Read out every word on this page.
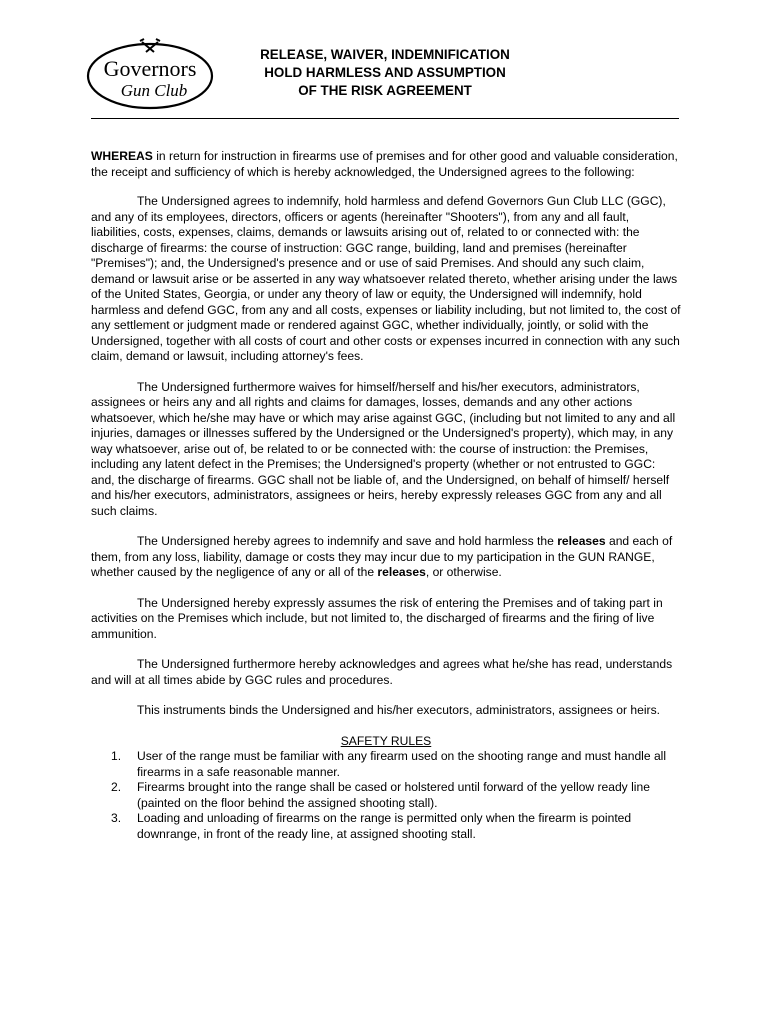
Governors
Gun Club
RELEASE, WAIVER, INDEMNIFICATION
HOLD HARMLESS AND ASSUMPTION
OF THE RISK AGREEMENT

WHEREAS in return for instruction in firearms use of premises and for other good and valuable consideration, the receipt and sufficiency of which is hereby acknowledged, the Undersigned agrees to the following:

The Undersigned agrees to indemnify, hold harmless and defend Governors Gun Club LLC (GGC), and any of its employees, directors, officers or agents (hereinafter "Shooters"), from any and all fault, liabilities, costs, expenses, claims, demands or lawsuits arising out of, related to or connected with: the discharge of firearms: the course of instruction: GGC range, building, land and premises (hereinafter "Premises"); and, the Undersigned's presence and or use of said Premises. And should any such claim, demand or lawsuit arise or be asserted in any way whatsoever related thereto, whether arising under the laws of the United States, Georgia, or under any theory of law or equity, the Undersigned will indemnify, hold harmless and defend GGC, from any and all costs, expenses or liability including, but not limited to, the cost of any settlement or judgment made or rendered against GGC, whether individually, jointly, or solid with the Undersigned, together with all costs of court and other costs or expenses incurred in connection with any such claim, demand or lawsuit, including attorney's fees.

The Undersigned furthermore waives for himself/herself and his/her executors, administrators, assignees or heirs any and all rights and claims for damages, losses, demands and any other actions whatsoever, which he/she may have or which may arise against GGC, (including but not limited to any and all injuries, damages or illnesses suffered by the Undersigned or the Undersigned's property), which may, in any way whatsoever, arise out of, be related to or be connected with: the course of instruction: the Premises, including any latent defect in the Premises; the Undersigned's property (whether or not entrusted to GGC: and, the discharge of firearms. GGC shall not be liable of, and the Undersigned, on behalf of himself/ herself and his/her executors, administrators, assignees or heirs, hereby expressly releases GGC from any and all such claims.

The Undersigned hereby agrees to indemnify and save and hold harmless the releases and each of them, from any loss, liability, damage or costs they may incur due to my participation in the GUN RANGE, whether caused by the negligence of any or all of the releases, or otherwise.

The Undersigned hereby expressly assumes the risk of entering the Premises and of taking part in activities on the Premises which include, but not limited to, the discharged of firearms and the firing of live ammunition.

The Undersigned furthermore hereby acknowledges and agrees what he/she has read, understands and will at all times abide by GGC rules and procedures.

This instruments binds the Undersigned and his/her executors, administrators, assignees or heirs.

SAFETY RULES
1. User of the range must be familiar with any firearm used on the shooting range and must handle all firearms in a safe reasonable manner.
2. Firearms brought into the range shall be cased or holstered until forward of the yellow ready line (painted on the floor behind the assigned shooting stall).
3. Loading and unloading of firearms on the range is permitted only when the firearm is pointed downrange, in front of the ready line, at assigned shooting stall.
